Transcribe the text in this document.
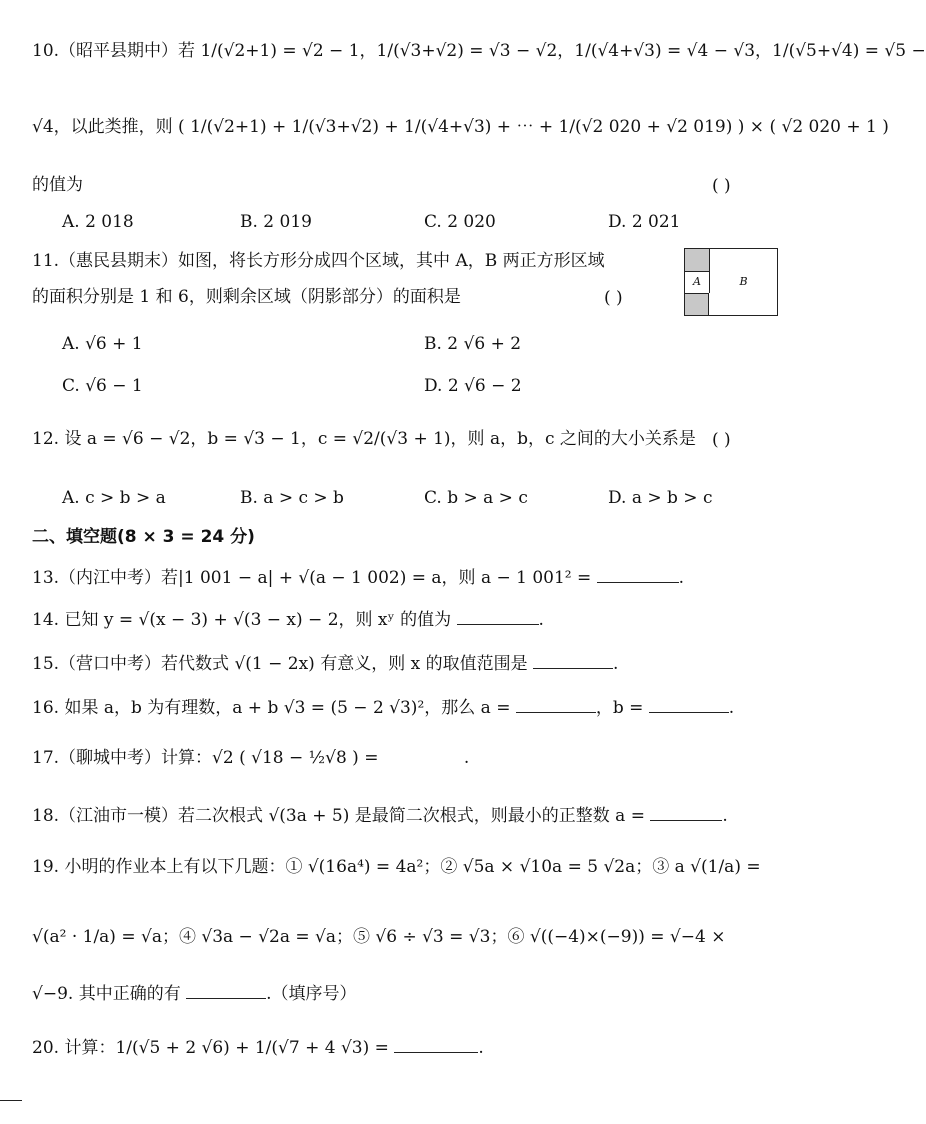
10.（昭平县期中）若 1/(√2+1) = √2 − 1，1/(√3+√2) = √3 − √2，1/(√4+√3) = √4 − √3，1/(√5+√4) = √5 −
√4，以此类推，则 ( 1/(√2+1) + 1/(√3+√2) + 1/(√4+√3) + ⋯ + 1/(√2 020 + √2 019) ) × ( √2 020 + 1 )
的值为	( )
A. 2 018	B. 2 019	C. 2 020	D. 2 021
11.（惠民县期末）如图，将长方形分成四个区域，其中 A，B 两正方形区域
的面积分别是 1 和 6，则剩余区域（阴影部分）的面积是	( )
A	B
A. √6 + 1	B. 2 √6 + 2
C. √6 − 1	D. 2 √6 − 2
12. 设 a = √6 − √2，b = √3 − 1，c = √2/(√3 + 1)，则 a，b，c 之间的大小关系是 ( )
A. c > b > a	B. a > c > b	C. b > a > c	D. a > b > c
二、填空题(8 × 3 = 24 分)
13.（内江中考）若|1 001 − a| + √(a − 1 002) = a，则 a − 1 001² =	.
14. 已知 y = √(x − 3) + √(3 − x) − 2，则 xʸ 的值为	.
15.（营口中考）若代数式 √(1 − 2x) 有意义，则 x 的取值范围是	.
16. 如果 a，b 为有理数，a + b √3 = (5 − 2 √3)²，那么 a =	，b =	.
17.（聊城中考）计算：√2 ( √18 − ½√8 ) =	.
18.（江油市一模）若二次根式 √(3a + 5) 是最简二次根式，则最小的正整数 a =	.
19. 小明的作业本上有以下几题：① √(16a⁴) = 4a²；② √5a × √10a = 5 √2a；③ a √(1/a) =
√(a² · 1/a) = √a；④ √3a − √2a = √a；⑤ √6 ÷ √3 = √3；⑥ √((−4)×(−9)) = √−4 ×
√−9. 其中正确的有	.（填序号）
20. 计算：1/(√5 + 2 √6) + 1/(√7 + 4 √3) =	.
